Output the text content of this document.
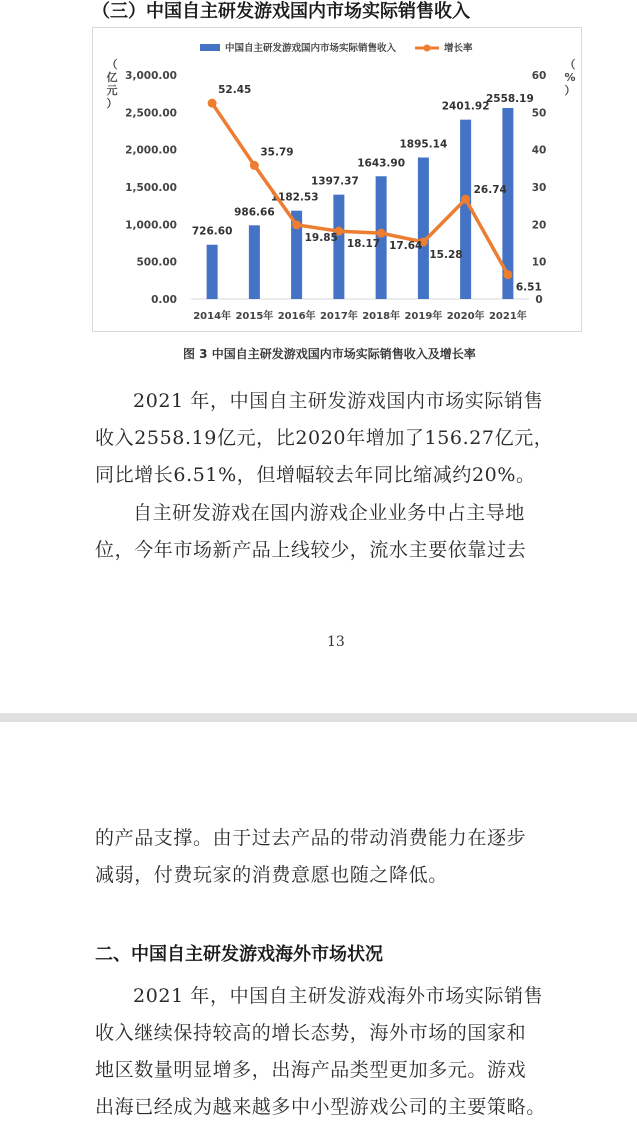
（三）中国自主研发游戏国内市场实际销售收入
中国自主研发游戏国内市场实际销售收入	增长率
（
亿
元
）
（
%
）
0.00
500.00
1,000.00
1,500.00
2,000.00
2,500.00
3,000.00
0
10
20
30
40
50
60
2014年 2015年 2016年 2017年 2018年 2019年 2020年 2021年
726.60
986.66
1182.53
1397.37
1643.90
1895.14
2401.92
2558.19
52.45
35.79
19.85
18.17 17.64
15.28
26.74
6.51
图 3 中国自主研发游戏国内市场实际销售收入及增长率
2021 年，中国自主研发游戏国内市场实际销售
收入2558.19亿元，比2020年增加了156.27亿元，
同比增长6.51%，但增幅较去年同比缩减约20%。
自主研发游戏在国内游戏企业业务中占主导地
位，今年市场新产品上线较少，流水主要依靠过去
13
的产品支撑。由于过去产品的带动消费能力在逐步
减弱，付费玩家的消费意愿也随之降低。
二、中国自主研发游戏海外市场状况
2021 年，中国自主研发游戏海外市场实际销售
收入继续保持较高的增长态势，海外市场的国家和
地区数量明显增多，出海产品类型更加多元。游戏
出海已经成为越来越多中小型游戏公司的主要策略。
